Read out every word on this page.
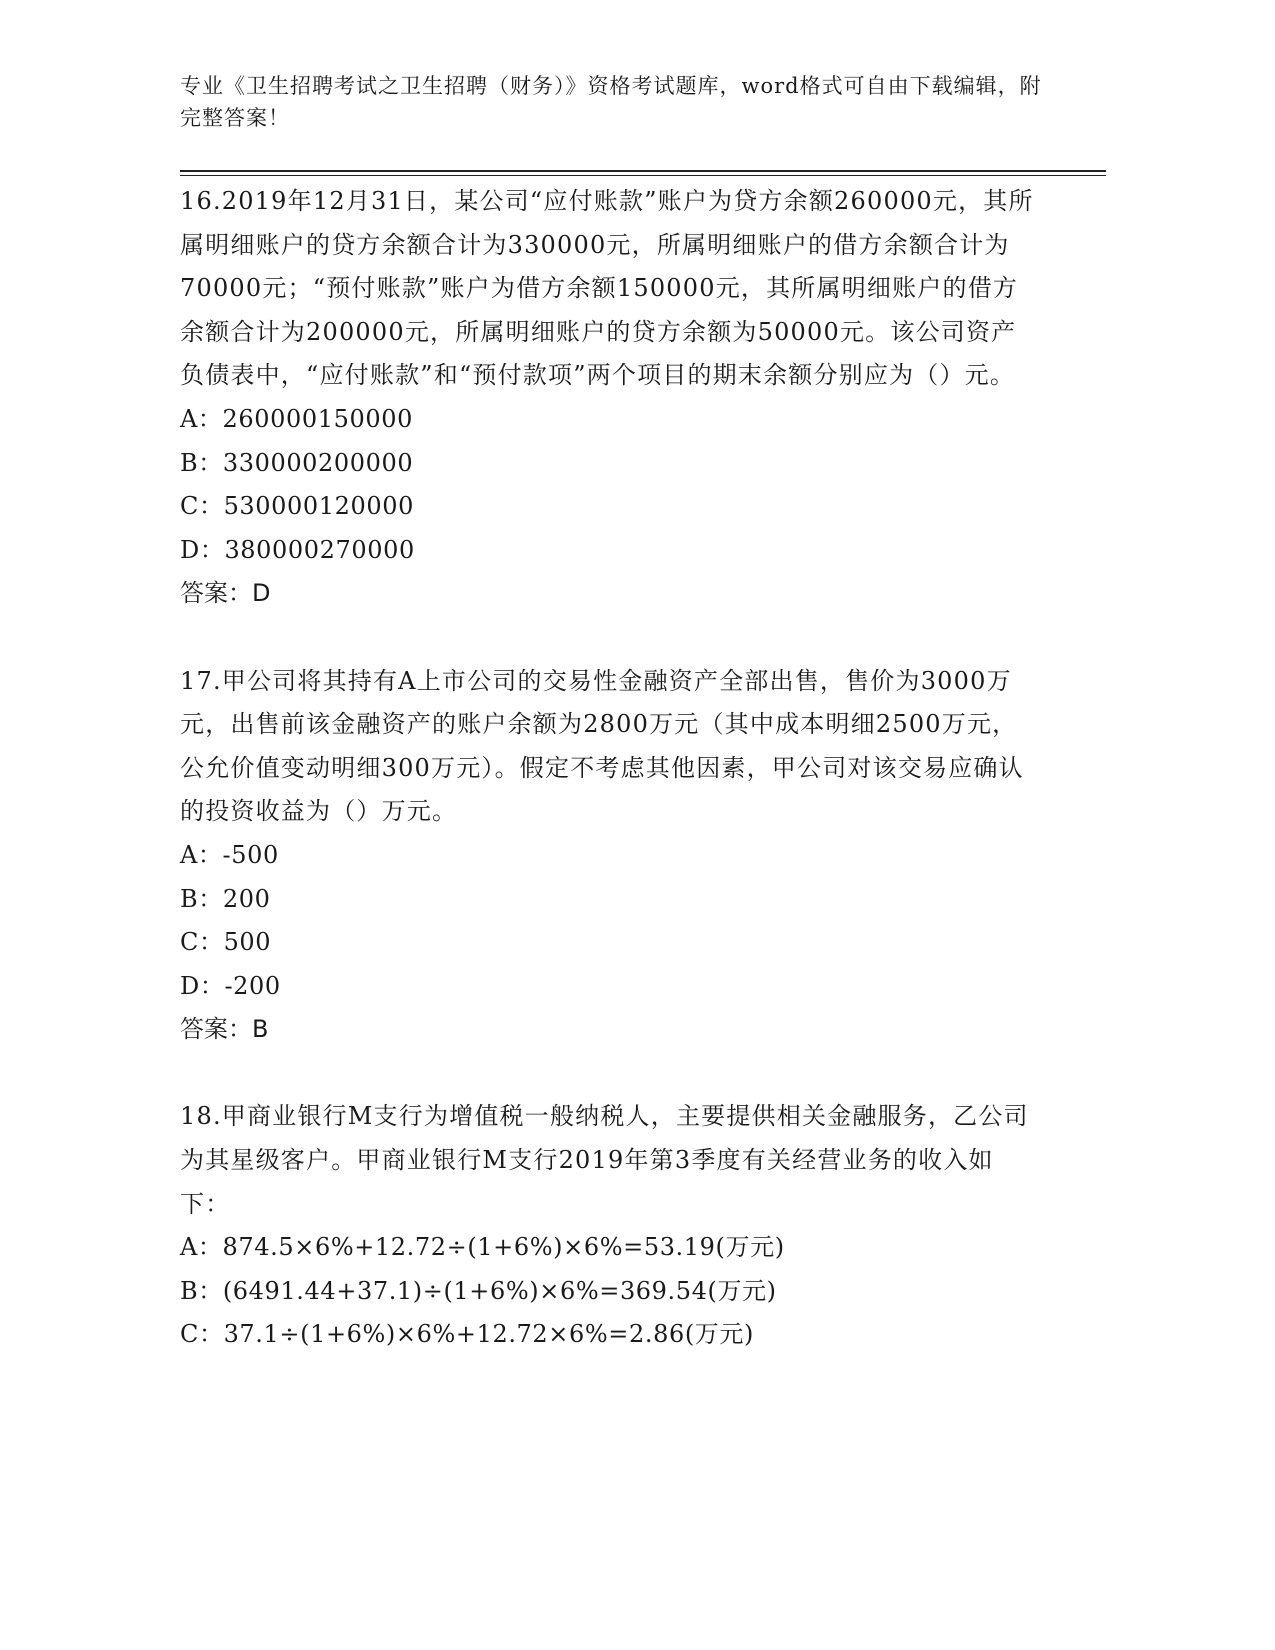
专业《卫生招聘考试之卫生招聘（财务）》资格考试题库，word格式可自由下载编辑，附完整答案！

16.2019年12月31日，某公司“应付账款”账户为贷方余额260000元，其所属明细账户的贷方余额合计为330000元，所属明细账户的借方余额合计为70000元；“预付账款”账户为借方余额150000元，其所属明细账户的借方余额合计为200000元，所属明细账户的贷方余额为50000元。该公司资产负债表中，“应付账款”和“预付款项”两个项目的期末余额分别应为（）元。

A：260000150000

B：330000200000

C：530000120000

D：380000270000

答案：D

17.甲公司将其持有A上市公司的交易性金融资产全部出售，售价为3000万元，出售前该金融资产的账户余额为2800万元（其中成本明细2500万元，公允价值变动明细300万元）。假定不考虑其他因素，甲公司对该交易应确认的投资收益为（）万元。

A：-500

B：200

C：500

D：-200

答案：B

18.甲商业银行M支行为增值税一般纳税人，主要提供相关金融服务，乙公司为其星级客户。甲商业银行M支行2019年第3季度有关经营业务的收入如下：

A：874.5×6%+12.72÷(1+6%)×6%=53.19(万元)

B：(6491.44+37.1)÷(1+6%)×6%=369.54(万元)

C：37.1÷(1+6%)×6%+12.72×6%=2.86(万元)
